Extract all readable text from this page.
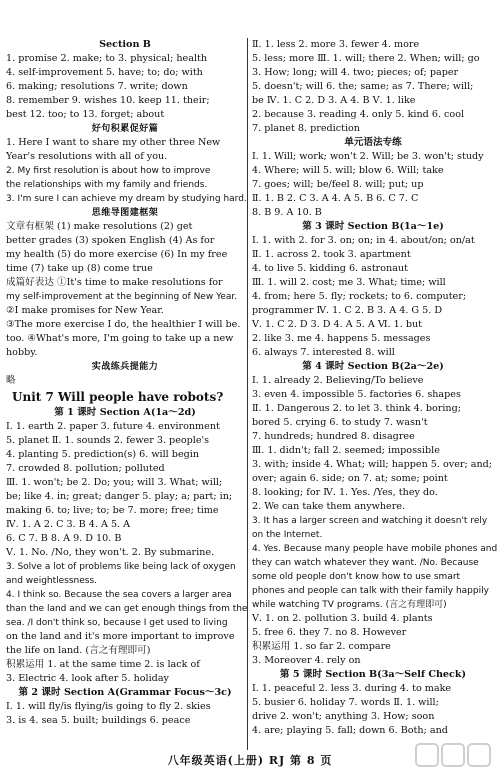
Section B
1. promise 2. make; to 3. physical; health
4. self-improvement 5. have; to; do; with
6. making; resolutions 7. write; down
8. remember 9. wishes 10. keep 11. their;
best 12. too; to 13. forget; about
好句积累促好篇
1. Here I want to share my other three New
Year's resolutions with all of you.
2. My first resolution is about how to improve
the relationships with my family and friends.
3. I'm sure I can achieve my dream by studying hard.
思维导图建框架
文章有框架 (1) make resolutions (2) get
better grades (3) spoken English (4) As for
my health (5) do more exercise (6) In my free
time (7) take up (8) come true
成篇好表达 ①It's time to make resolutions for
my self-improvement at the beginning of New Year.
②I make promises for New Year.
③The more exercise I do, the healthier I will be.
too. ④What's more, I'm going to take up a new
hobby.
实战练兵提能力
略
Unit 7 Will people have robots?
第 1 课时 Section A(1a～2d)
Ⅰ. 1. earth 2. paper 3. future 4. environment
5. planet Ⅱ. 1. sounds 2. fewer 3. people's
4. planting 5. prediction(s) 6. will begin
7. crowded 8. pollution; polluted
Ⅲ. 1. won't; be 2. Do; you; will 3. What; will;
be; like 4. in; great; danger 5. play; a; part; in;
making 6. to; live; to; be 7. more; free; time
Ⅳ. 1. A 2. C 3. B 4. A 5. A
6. C 7. B 8. A 9. D 10. B
Ⅴ. 1. No. /No, they won't. 2. By submarine.
3. Solve a lot of problems like being lack of oxygen
and weightlessness.
4. I think so. Because the sea covers a larger area
than the land and we can get enough things from the
sea. /I don't think so, because I get used to living
on the land and it's more important to improve
the life on land. (言之有理即可)
积累运用 1. at the same time 2. is lack of
3. Electric 4. look after 5. holiday
第 2 课时 Section A(Grammar Focus～3c)
Ⅰ. 1. will fly/is flying/is going to fly 2. skies
3. is 4. sea 5. built; buildings 6. peace
Ⅱ. 1. less 2. more 3. fewer 4. more
5. less; more Ⅲ. 1. will; there 2. When; will; go
3. How; long; will 4. two; pieces; of; paper
5. doesn't; will 6. the; same; as 7. There; will;
be Ⅳ. 1. C 2. D 3. A 4. B Ⅴ. 1. like
2. because 3. reading 4. only 5. kind 6. cool
7. planet 8. prediction
单元语法专练
Ⅰ. 1. Will; work; won't 2. Will; be 3. won't; study
4. Where; will 5. will; blow 6. Will; take
7. goes; will; be/feel 8. will; put; up
Ⅱ. 1. B 2. C 3. A 4. A 5. B 6. C 7. C
8. B 9. A 10. B
第 3 课时 Section B(1a～1e)
Ⅰ. 1. with 2. for 3. on; on; in 4. about/on; on/at
Ⅱ. 1. across 2. took 3. apartment
4. to live 5. kidding 6. astronaut
Ⅲ. 1. will 2. cost; me 3. What; time; will
4. from; here 5. fly; rockets; to 6. computer;
programmer Ⅳ. 1. C 2. B 3. A 4. G 5. D
Ⅴ. 1. C 2. D 3. D 4. A 5. A Ⅵ. 1. but
2. like 3. me 4. happens 5. messages
6. always 7. interested 8. will
第 4 课时 Section B(2a～2e)
Ⅰ. 1. already 2. Believing/To believe
3. even 4. impossible 5. factories 6. shapes
Ⅱ. 1. Dangerous 2. to let 3. think 4. boring;
bored 5. crying 6. to study 7. wasn't
7. hundreds; hundred 8. disagree
Ⅲ. 1. didn't; fall 2. seemed; impossible
3. with; inside 4. What; will; happen 5. over; and;
over; again 6. side; on 7. at; some; point
8. looking; for Ⅳ. 1. Yes. /Yes, they do.
2. We can take them anywhere.
3. It has a larger screen and watching it doesn't rely
on the Internet.
4. Yes. Because many people have mobile phones and
they can watch whatever they want. /No. Because
some old people don't know how to use smart
phones and people can talk with their family happily
while watching TV programs. (言之有理即可)
Ⅴ. 1. on 2. pollution 3. build 4. plants
5. free 6. they 7. no 8. However
积累运用 1. so far 2. compare
3. Moreover 4. rely on
第 5 课时 Section B(3a～Self Check)
Ⅰ. 1. peaceful 2. less 3. during 4. to make
5. busier 6. holiday 7. words Ⅱ. 1. will;
drive 2. won't; anything 3. How; soon
4. are; playing 5. fall; down 6. Both; and
八年级英语(上册) RJ 第 8 页
